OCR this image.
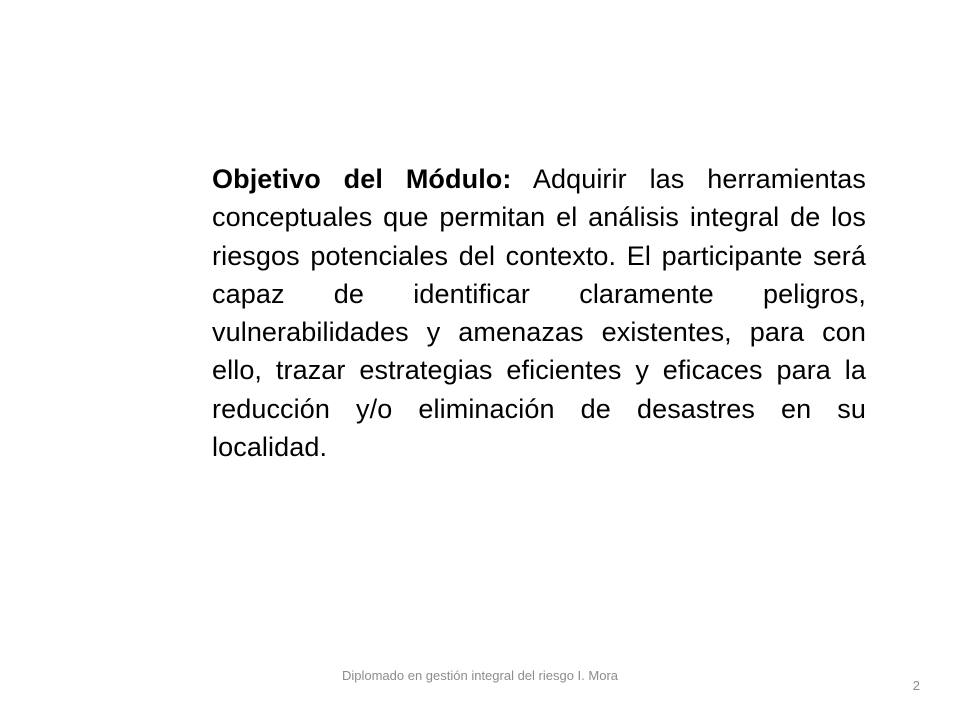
Objetivo del Módulo: Adquirir las herramientas conceptuales que permitan el análisis integral de los riesgos potenciales del contexto. El participante será capaz de identificar claramente peligros, vulnerabilidades y amenazas existentes, para con ello, trazar estrategias eficientes y eficaces para la reducción y/o eliminación de desastres en su localidad.

Diplomado en gestión integral del riesgo I. Mora
2
